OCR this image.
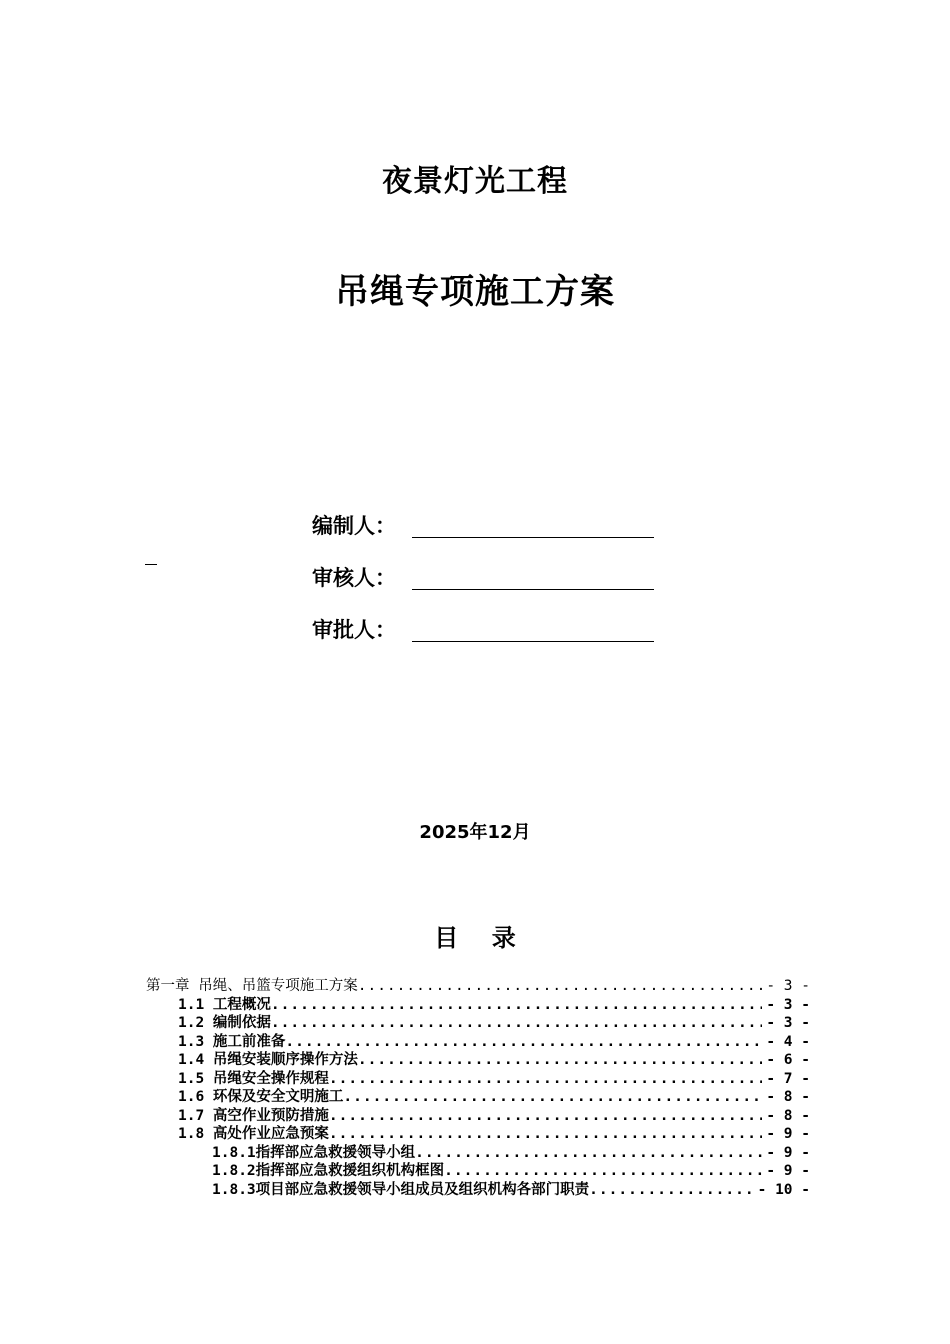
夜景灯光工程
吊绳专项施工方案
编制人：
审核人：
审批人：
2025年12月
目    录
第一章 吊绳、吊篮专项施工方案 .....	- 3 -
1.1 工程概况 .....	- 3 -
1.2 编制依据 .....	- 3 -
1.3 施工前准备 .....	- 4 -
1.4 吊绳安装顺序操作方法 .....	- 6 -
1.5 吊绳安全操作规程 .....	- 7 -
1.6 环保及安全文明施工 .....	- 8 -
1.7 高空作业预防措施 .....	- 8 -
1.8 高处作业应急预案 .....	- 9 -
1.8.1指挥部应急救援领导小组 .....	- 9 -
1.8.2指挥部应急救援组织机构框图 .....	- 9 -
1.8.3项目部应急救援领导小组成员及组织机构各部门职责 .....	- 10 -
